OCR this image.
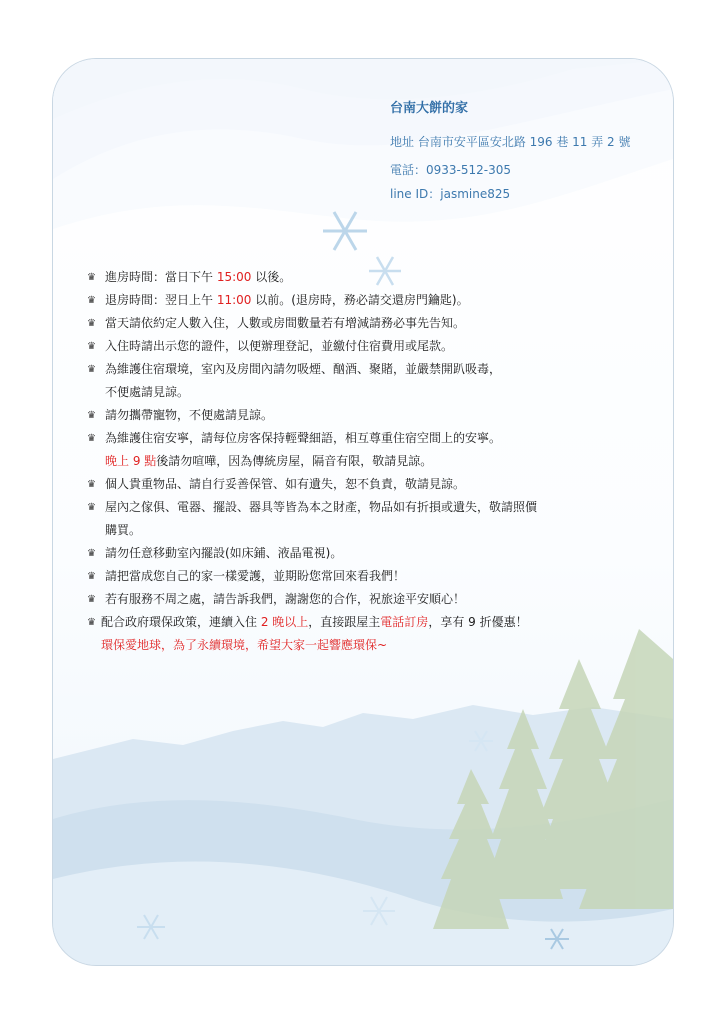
台南大餅的家
地址 台南市安平區安北路 196 巷 11 弄 2 號
電話：0933-512-305
line ID：jasmine825
♛ 進房時間：當日下午 15:00 以後。
♛ 退房時間：翌日上午 11:00 以前。(退房時，務必請交還房門鑰匙)。
♛ 當天請依約定人數入住，人數或房間數量若有增減請務必事先告知。
♛ 入住時請出示您的證件，以便辦理登記，並繳付住宿費用或尾款。
♛ 為維護住宿環境，室內及房間內請勿吸煙、酗酒、聚賭，並嚴禁開趴吸毒，
不便處請見諒。
♛ 請勿攜帶寵物，不便處請見諒。
♛ 為維護住宿安寧，請每位房客保持輕聲細語，相互尊重住宿空間上的安寧。
晚上 9 點後請勿喧嘩，因為傳統房屋，隔音有限，敬請見諒。
♛ 個人貴重物品、請自行妥善保管、如有遺失，恕不負責，敬請見諒。
♛ 屋內之傢俱、電器、擺設、器具等皆為本之財產，物品如有折損或遺失，敬請照價
購買。
♛ 請勿任意移動室內擺設(如床鋪、液晶電視)。
♛ 請把當成您自己的家一樣愛護，並期盼您常回來看我們！
♛ 若有服務不周之處，請告訴我們，謝謝您的合作，祝旅途平安順心！
♛ 配合政府環保政策，連續入住 2 晚以上，直接跟屋主電話訂房，享有 9 折優惠！
環保愛地球，為了永續環境，希望大家一起響應環保~
